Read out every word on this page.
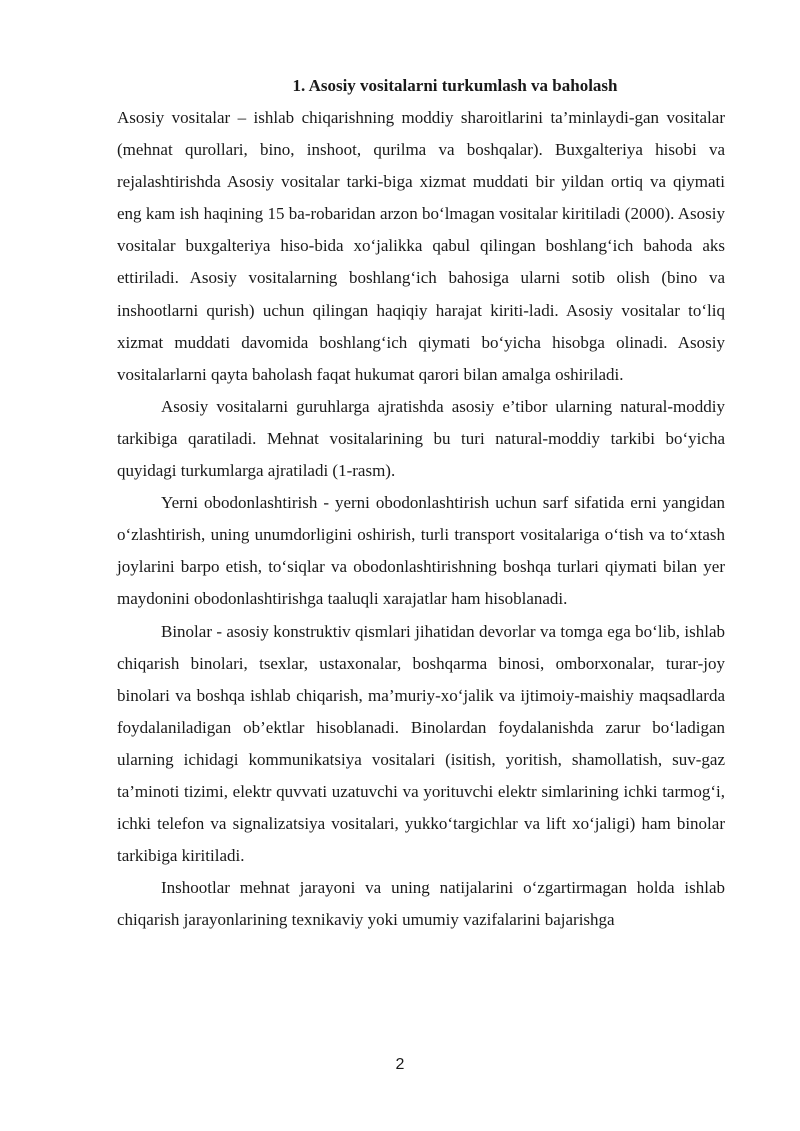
1. Asosiy vositalarni turkumlash va baholash

Asosiy vositalar – ishlab chiqarishning moddiy sharoitlarini ta’minlaydi-gan vositalar (mehnat qurollari, bino, inshoot, qurilma va boshqalar). Buxgalteriya hisobi va rejalashtirishda Asosiy vositalar tarki-biga xizmat muddati bir yildan ortiq va qiymati eng kam ish haqining 15 ba-robaridan arzon bo‘lmagan vositalar kiritiladi (2000). Asosiy vositalar buxgalteriya hiso-bida xo‘jalikka qabul qilingan boshlang‘ich bahoda aks ettiriladi. Asosiy vositalarning boshlang‘ich bahosiga ularni sotib olish (bino va inshootlarni qurish) uchun qilingan haqiqiy harajat kiriti-ladi. Asosiy vositalar to‘liq xizmat muddati davomida boshlang‘ich qiymati bo‘yicha hisobga olinadi. Asosiy vositalarlarni qayta baholash faqat hukumat qarori bilan amalga oshiriladi.

Asosiy vositalarni guruhlarga ajratishda asosiy e’tibor ularning natural-moddiy tarkibiga qaratiladi. Mehnat vositalarining bu turi natural-moddiy tarkibi bo‘yicha quyidagi turkumlarga ajratiladi (1-rasm).

Yerni obodonlashtirish - yerni obodonlashtirish uchun sarf sifatida erni yangidan o‘zlashtirish, uning unumdorligini oshirish, turli transport vositalariga o‘tish va to‘xtash joylarini barpo etish, to‘siqlar va obodonlashtirishning boshqa turlari qiymati bilan yer maydonini obodonlashtirishga taaluqli xarajatlar ham hisoblanadi.

Binolar - asosiy konstruktiv qismlari jihatidan devorlar va tomga ega bo‘lib, ishlab chiqarish binolari, tsexlar, ustaxonalar, boshqarma binosi, omborxonalar, turar-joy binolari va boshqa ishlab chiqarish, ma’muriy-xo‘jalik va ijtimoiy-maishiy maqsadlarda foydalaniladigan ob’ektlar hisoblanadi. Binolardan foydalanishda zarur bo‘ladigan ularning ichidagi kommunikatsiya vositalari (isitish, yoritish, shamollatish, suv-gaz ta’minoti tizimi, elektr quvvati uzatuvchi va yorituvchi elektr simlarining ichki tarmog‘i, ichki telefon va signalizatsiya vositalari, yukko‘targichlar va lift xo‘jaligi) ham binolar tarkibiga kiritiladi.

Inshootlar mehnat jarayoni va uning natijalarini o‘zgartirmagan holda ishlab chiqarish jarayonlarining texnikaviy yoki umumiy vazifalarini bajarishga

2
